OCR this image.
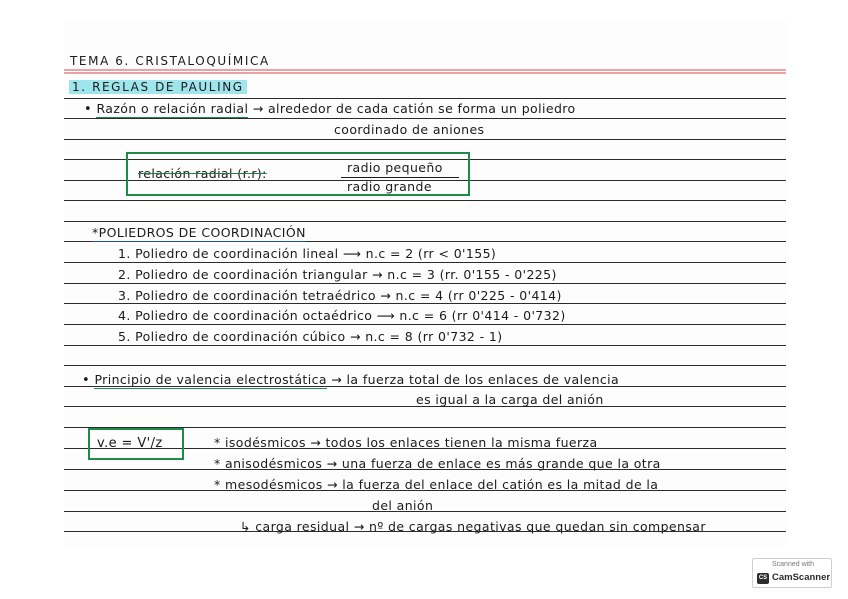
TEMA 6. CRISTALOQUÍMICA
1. REGLAS DE PAULING
• Razón o relación radial → alrededor de cada catión se forma un poliedro
coordinado de aniones
relación radial (r.r):	radio pequeño
radio grande
*POLIEDROS DE COORDINACIÓN
1. Poliedro de coordinación lineal ⟶ n.c = 2 (rr < 0'155)
2. Poliedro de coordinación triangular → n.c = 3 (rr. 0'155 - 0'225)
3. Poliedro de coordinación tetraédrico → n.c = 4 (rr 0'225 - 0'414)
4. Poliedro de coordinación octaédrico ⟶ n.c = 6 (rr 0'414 - 0'732)
5. Poliedro de coordinación cúbico → n.c = 8 (rr 0'732 - 1)
• Principio de valencia electrostática → la fuerza total de los enlaces de valencia
es igual a la carga del anión
v.e = V'/z	* isodésmicos → todos los enlaces tienen la misma fuerza
* anisodésmicos → una fuerza de enlace es más grande que la otra
* mesodésmicos → la fuerza del enlace del catión es la mitad de la
del anión
↳ carga residual → nº de cargas negativas que quedan sin compensar
Scanned with
CS CamScanner
